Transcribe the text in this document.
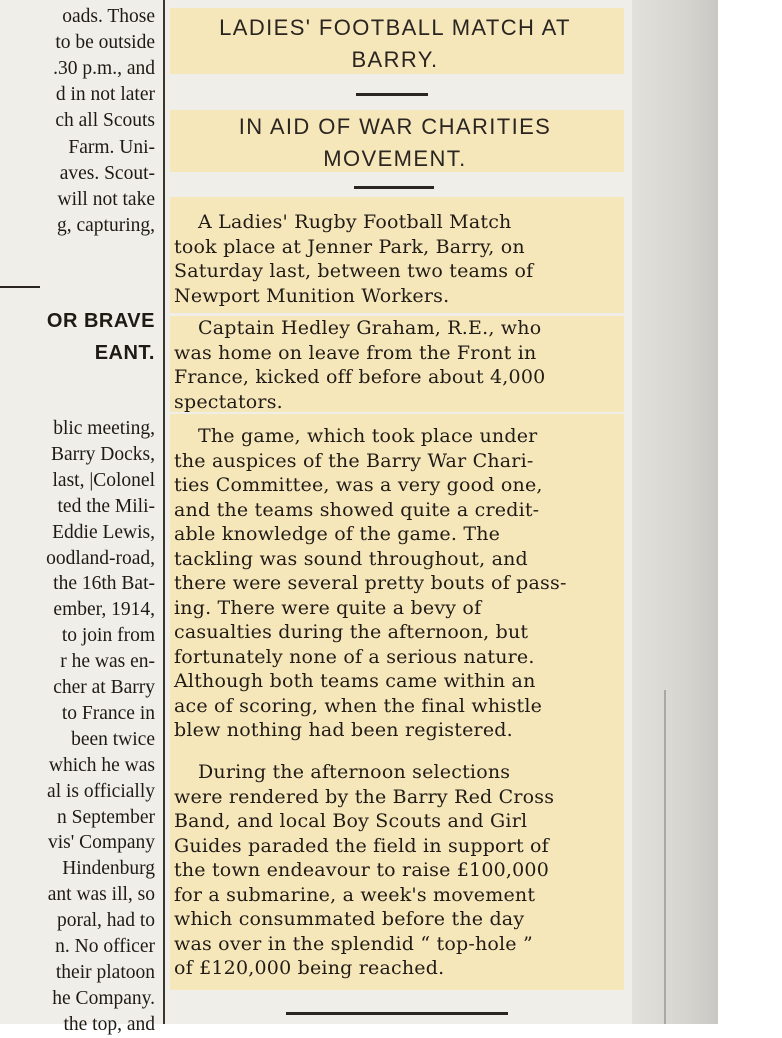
oads. Those
to be outside
.30 p.m., and
d in not later
ch all Scouts
Farm. Uni-
aves. Scout-
will not take
g, capturing,
OR BRAVE
EANT.
blic meeting,
Barry Docks,
last, |Colonel
ted the Mili-
Eddie Lewis,
oodland-road,
the 16th Bat-
ember, 1914,
to join from
r he was en-
cher at Barry
to France in
been twice
which he was
al is officially
n September
vis' Company
Hindenburg
ant was ill, so
poral, had to
n. No officer
their platoon
he Company.
the top, and
LADIES' FOOTBALL MATCH AT
BARRY.
IN AID OF WAR CHARITIES
MOVEMENT.
A Ladies' Rugby Football Match
took place at Jenner Park, Barry, on
Saturday last, between two teams of
Newport Munition Workers.
Captain Hedley Graham, R.E., who
was home on leave from the Front in
France, kicked off before about 4,000
spectators.
The game, which took place under
the auspices of the Barry War Chari-
ties Committee, was a very good one,
and the teams showed quite a credit-
able knowledge of the game. The
tackling was sound throughout, and
there were several pretty bouts of pass-
ing. There were quite a bevy of
casualties during the afternoon, but
fortunately none of a serious nature.
Although both teams came within an
ace of scoring, when the final whistle
blew nothing had been registered.
During the afternoon selections
were rendered by the Barry Red Cross
Band, and local Boy Scouts and Girl
Guides paraded the field in support of
the town endeavour to raise £100,000
for a submarine, a week's movement
which consummated before the day
was over in the splendid “ top-hole ”
of £120,000 being reached.
